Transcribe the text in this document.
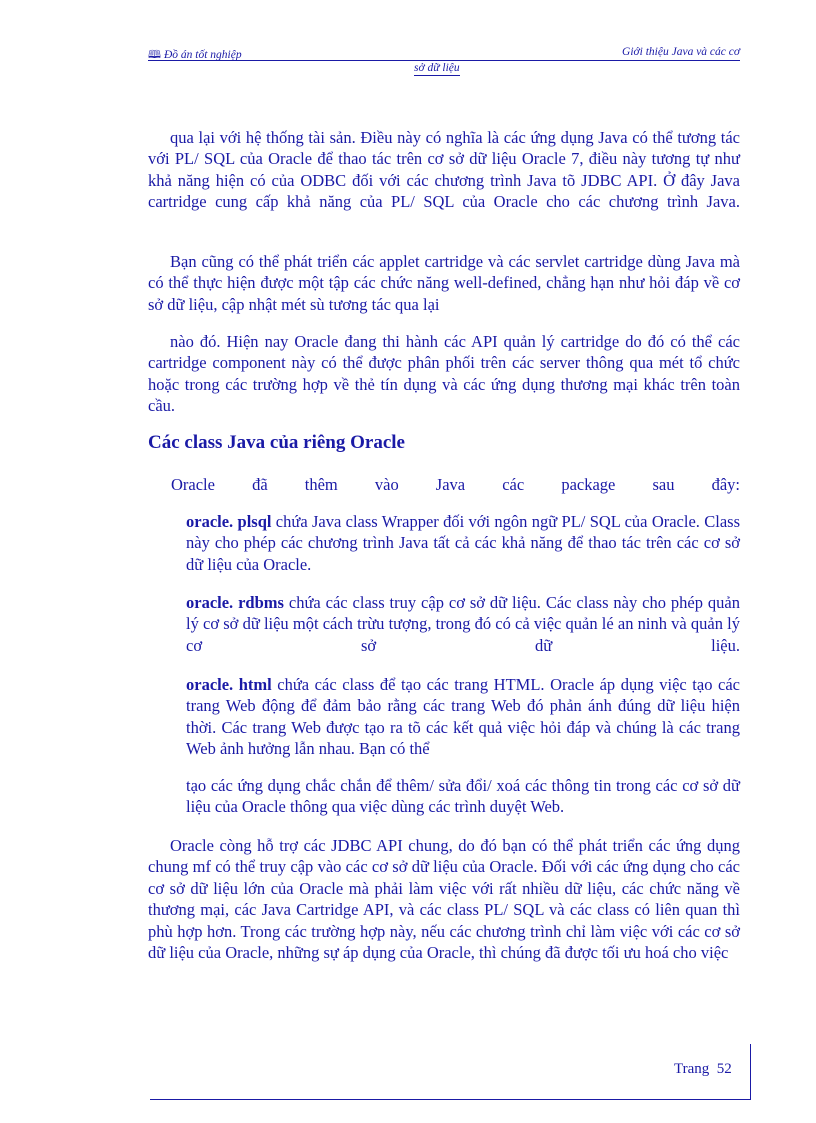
🕮 Đồ án tốt nghiệp	Giới thiệu Java và các cơ
sở dữ liệu
qua lại với hệ thống tài sản. Điều này có nghĩa là các ứng dụng Java có thể tương tác với PL/ SQL của Oracle để thao tác trên cơ sở dữ liệu Oracle 7, điều này tương tự như khả năng hiện có của ODBC đối với các chương trình Java tõ JDBC API. Ở đây Java cartridge cung cấp khả năng của PL/ SQL của Oracle cho các chương trình Java.
Bạn cũng có thể phát triển các applet cartridge và các servlet cartridge dùng Java mà có thể thực hiện được một tập các chức năng well-defined, chẳng hạn như hỏi đáp về cơ sở dữ liệu, cập nhật mét sù tương tác qua lại
nào đó. Hiện nay Oracle đang thi hành các API quản lý cartridge do đó có thể các cartridge component này có thể được phân phối trên các server thông qua mét tổ chức hoặc trong các trường hợp về thẻ tín dụng và các ứng dụng thương mại khác trên toàn cầu.
Các class Java của riêng Oracle
Oracle đã thêm vào Java các package sau đây:
oracle. plsql chứa Java class Wrapper đối với ngôn ngữ PL/ SQL của Oracle. Class này cho phép các chương trình Java tất cả các khả năng để thao tác trên các cơ sở dữ liệu của Oracle.
oracle. rdbms chứa các class truy cập cơ sở dữ liệu. Các class này cho phép quản lý cơ sở dữ liệu một cách trừu tượng, trong đó có cả việc quản lé an ninh và quản lý cơ sở dữ liệu.
oracle. html chứa các class để tạo các trang HTML. Oracle áp dụng việc tạo các trang Web động để đảm bảo rằng các trang Web đó phản ánh đúng dữ liệu hiện thời. Các trang Web được tạo ra tõ các kết quả việc hỏi đáp và chúng là các trang Web ảnh hưởng lẫn nhau. Bạn có thể
tạo các ứng dụng chắc chắn để thêm/ sửa đổi/ xoá các thông tin trong các cơ sở dữ liệu của Oracle thông qua việc dùng các trình duyệt Web.
Oracle còng hỗ trợ các JDBC API chung, do đó bạn có thể phát triển các ứng dụng chung mf có thể truy cập vào các cơ sở dữ liệu của Oracle. Đối với các ứng dụng cho các cơ sở dữ liệu lớn của Oracle mà phải làm việc với rất nhiều dữ liệu, các chức năng về thương mại, các Java Cartridge API, và các class PL/ SQL và các class có liên quan thì phù hợp hơn. Trong các trường hợp này, nếu các chương trình chỉ làm việc với các cơ sở dữ liệu của Oracle, những sự áp dụng của Oracle, thì chúng đã được tối ưu hoá cho việc
Trang 52
